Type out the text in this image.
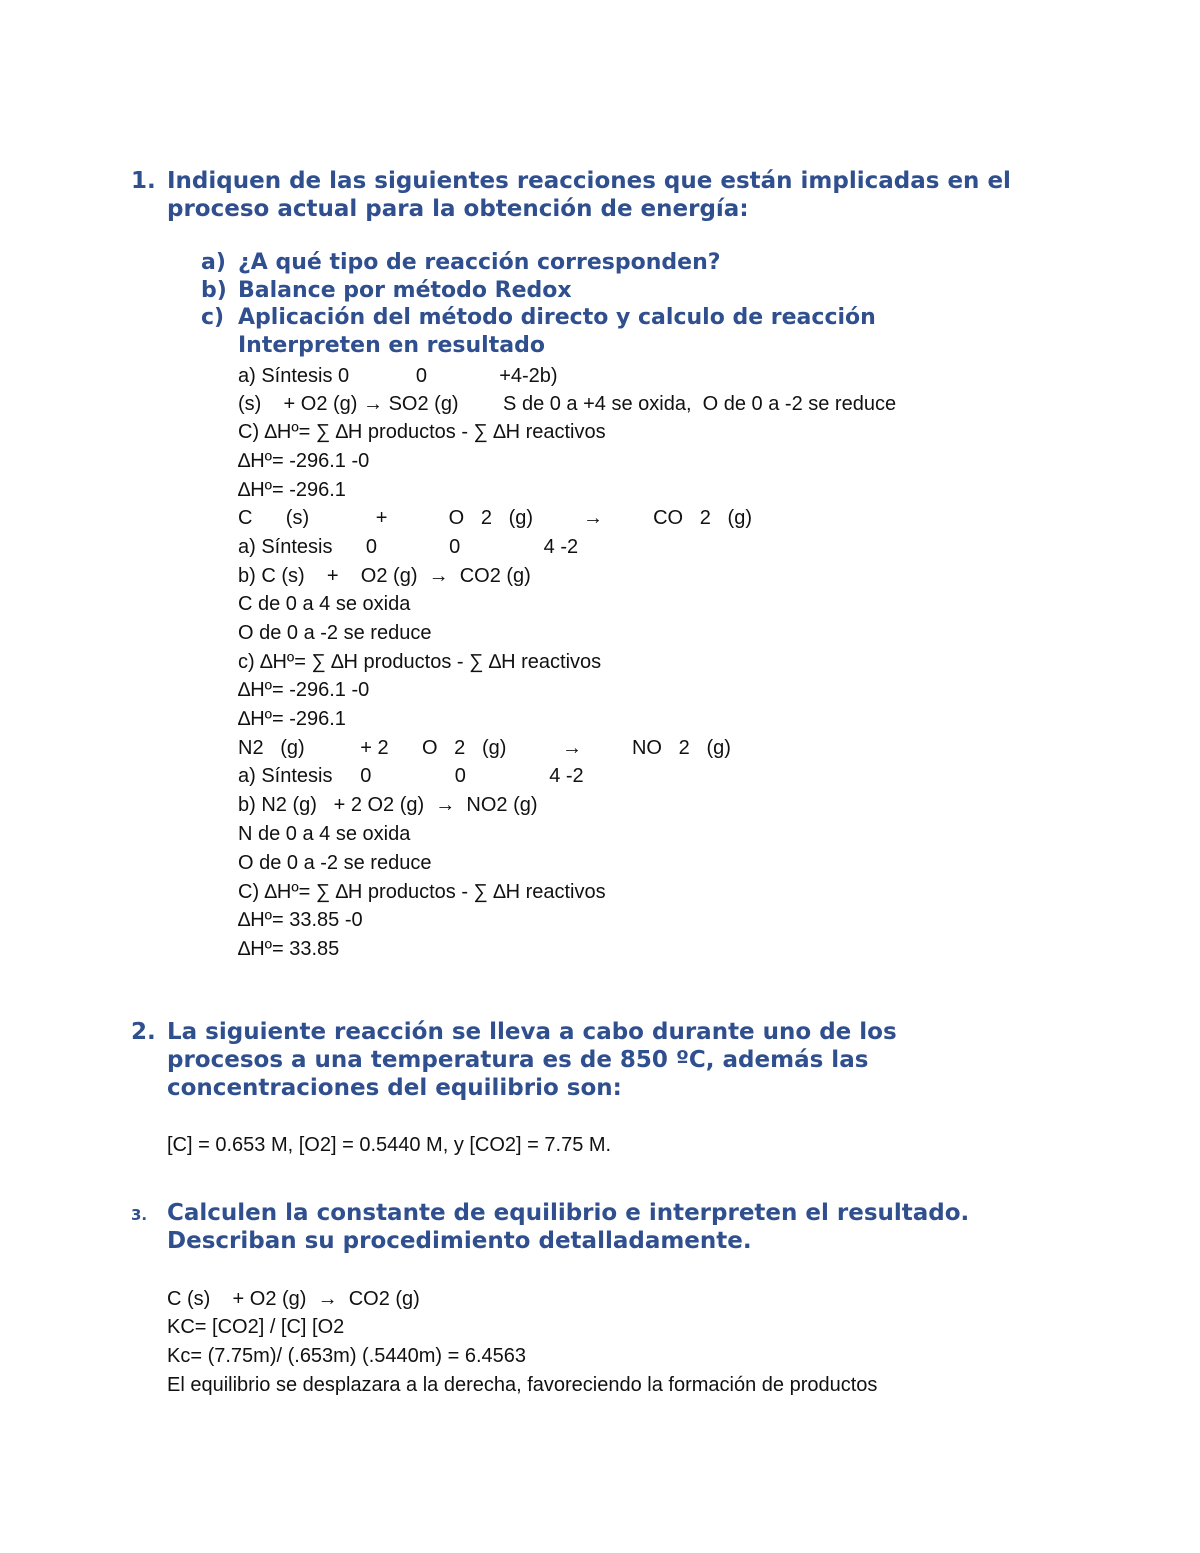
1. Indiquen de las siguientes reacciones que están implicadas en el
proceso actual para la obtención de energía:
a) ¿A qué tipo de reacción corresponden?
b) Balance por método Redox
c) Aplicación del método directo y calculo de reacción
Interpreten en resultado
a) Síntesis 0            0             +4-2b)
(s)    + O2 (g) → SO2 (g)        S de 0 a +4 se oxida,  O de 0 a -2 se reduce
C) ∆Hº= ∑ ∆H productos - ∑ ∆H reactivos
∆Hº= -296.1 -0
∆Hº= -296.1
C      (s)            +           O   2   (g)         →         CO   2   (g)
a) Síntesis      0             0               4 -2
b) C (s)    +    O2 (g)  →  CO2 (g)
C de 0 a 4 se oxida
O de 0 a -2 se reduce
c) ∆Hº= ∑ ∆H productos - ∑ ∆H reactivos
∆Hº= -296.1 -0
∆Hº= -296.1
N2   (g)          + 2      O   2   (g)          →         NO   2   (g)
a) Síntesis     0               0               4 -2
b) N2 (g)   + 2 O2 (g)  →  NO2 (g)
N de 0 a 4 se oxida
O de 0 a -2 se reduce
C) ∆Hº= ∑ ∆H productos - ∑ ∆H reactivos
∆Hº= 33.85 -0
∆Hº= 33.85
2. La siguiente reacción se lleva a cabo durante uno de los
procesos a una temperatura es de 850 ºC, además las
concentraciones del equilibrio son:
[C] = 0.653 M, [O2] = 0.5440 M, y [CO2] = 7.75 M.
3. Calculen la constante de equilibrio e interpreten el resultado.
Describan su procedimiento detalladamente.
C (s)    + O2 (g)  →  CO2 (g)
KC= [CO2] / [C] [O2
Kc= (7.75m)/ (.653m) (.5440m) = 6.4563
El equilibrio se desplazara a la derecha, favoreciendo la formación de productos
